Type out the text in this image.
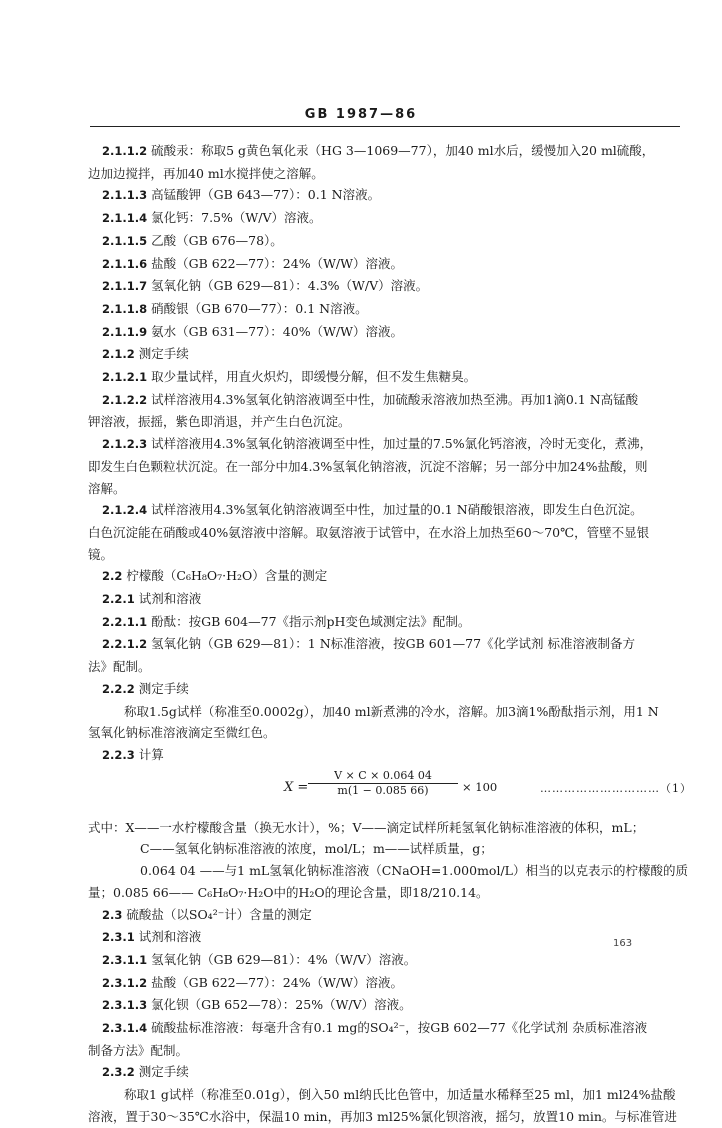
GB 1987—86
2.1.1.2 硫酸汞：称取5 g黄色氧化汞（HG 3—1069—77），加40 ml水后，缓慢加入20 ml硫酸，
边加边搅拌，再加40 ml水搅拌使之溶解。
2.1.1.3 高锰酸钾（GB 643—77）：0.1 N溶液。
2.1.1.4 氯化钙：7.5%（W/V）溶液。
2.1.1.5 乙酸（GB 676—78）。
2.1.1.6 盐酸（GB 622—77）：24%（W/W）溶液。
2.1.1.7 氢氧化钠（GB 629—81）：4.3%（W/V）溶液。
2.1.1.8 硝酸银（GB 670—77）：0.1 N溶液。
2.1.1.9 氨水（GB 631—77）：40%（W/W）溶液。
2.1.2 测定手续
2.1.2.1 取少量试样，用直火炽灼，即缓慢分解，但不发生焦糖臭。
2.1.2.2 试样溶液用4.3%氢氧化钠溶液调至中性，加硫酸汞溶液加热至沸。再加1滴0.1 N高锰酸
钾溶液，振摇，紫色即消退，并产生白色沉淀。
2.1.2.3 试样溶液用4.3%氢氧化钠溶液调至中性，加过量的7.5%氯化钙溶液，冷时无变化，煮沸，
即发生白色颗粒状沉淀。在一部分中加4.3%氢氧化钠溶液，沉淀不溶解；另一部分中加24%盐酸，则
溶解。
2.1.2.4 试样溶液用4.3%氢氧化钠溶液调至中性，加过量的0.1 N硝酸银溶液，即发生白色沉淀。
白色沉淀能在硝酸或40%氨溶液中溶解。取氨溶液于试管中，在水浴上加热至60～70℃，管壁不显银
镜。
2.2 柠檬酸（C₆H₈O₇·H₂O）含量的测定
2.2.1 试剂和溶液
2.2.1.1 酚酞：按GB 604—77《指示剂pH变色域测定法》配制。
2.2.1.2 氢氧化钠（GB 629—81）：1 N标准溶液，按GB 601—77《化学试剂 标准溶液制备方
法》配制。
2.2.2 测定手续
称取1.5g试样（称准至0.0002g），加40 ml新煮沸的冷水，溶解。加3滴1%酚酞指示剂，用1 N
氢氧化钠标准溶液滴定至微红色。
2.2.3 计算
$X = \frac{V \times C \times 0.064 04}{m(1 - 0.085 66)} \times 100$	…………………………（1）
式中：X——一水柠檬酸含量（换无水计），%；V——滴定试样所耗氢氧化钠标准溶液的体积，mL；
C——氢氧化钠标准溶液的浓度，mol/L；m——试样质量，g；
0.064 04 ——与1 mL氢氧化钠标准溶液（CNaOH=1.000mol/L）相当的以克表示的柠檬酸的质
量；0.085 66—— C₆H₈O₇·H₂O中的H₂O的理论含量，即18/210.14。
2.3 硫酸盐（以SO₄²⁻计）含量的测定
2.3.1 试剂和溶液
2.3.1.1 氢氧化钠（GB 629—81）：4%（W/V）溶液。
2.3.1.2 盐酸（GB 622—77）：24%（W/W）溶液。
2.3.1.3 氯化钡（GB 652—78）：25%（W/V）溶液。
2.3.1.4 硫酸盐标准溶液：每毫升含有0.1 mg的SO₄²⁻，按GB 602—77《化学试剂 杂质标准溶液
制备方法》配制。
2.3.2 测定手续
称取1 g试样（称准至0.01g），倒入50 ml纳氏比色管中，加适量水稀释至25 ml，加1 ml24%盐酸
溶液，置于30～35℃水浴中，保温10 min，再加3 ml25%氯化钡溶液，摇匀，放置10 min。与标准管进
163
